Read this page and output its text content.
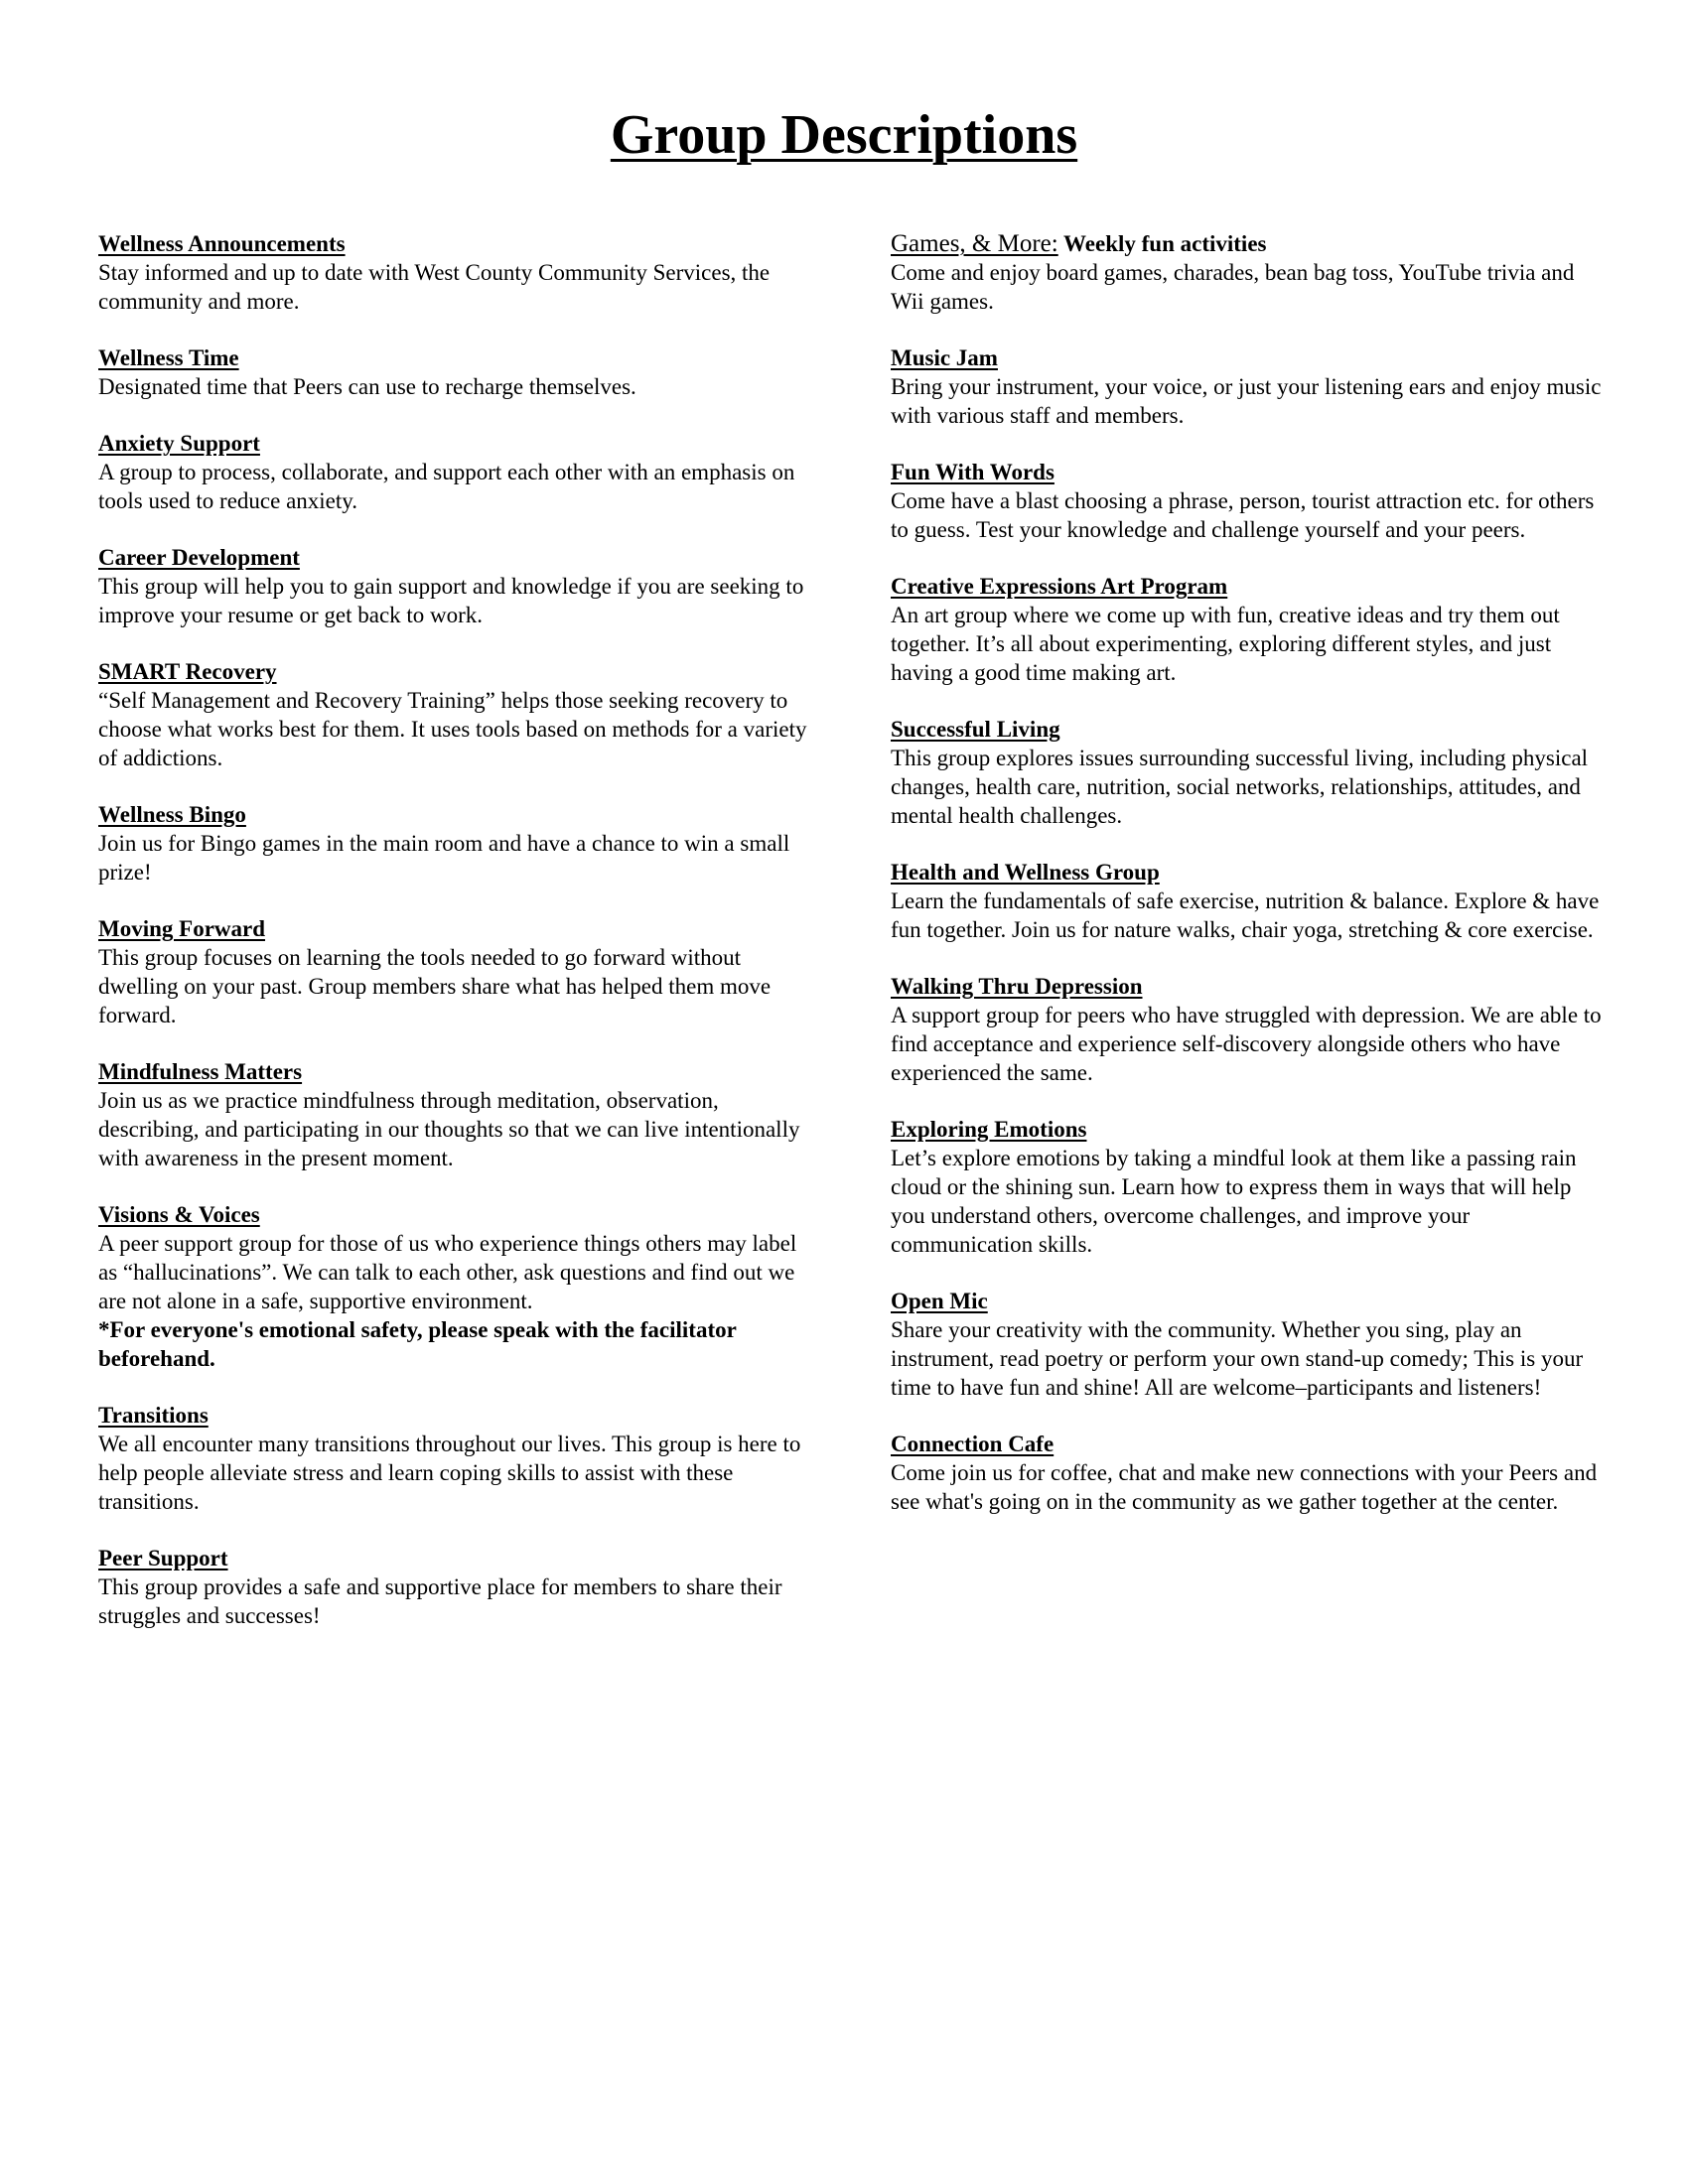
Group Descriptions
Wellness Announcements

Stay informed and up to date with West County Community Services, the community and more.

Wellness Time

Designated time that Peers can use to recharge themselves.

Anxiety Support

A group to process, collaborate, and support each other with an emphasis on tools used to reduce anxiety.

Career Development

This group will help you to gain support and knowledge if you are seeking to improve your resume or get back to work.

SMART Recovery

“Self Management and Recovery Training” helps those seeking recovery to choose what works best for them. It uses tools based on methods for a variety of addictions.

Wellness Bingo

Join us for Bingo games in the main room and have a chance to win a small prize!

Moving Forward

This group focuses on learning the tools needed to go forward without dwelling on your past. Group members share what has helped them move forward.

Mindfulness Matters

Join us as we practice mindfulness through meditation, observation, describing, and participating in our thoughts so that we can live intentionally with awareness in the present moment.

Visions & Voices

A peer support group for those of us who experience things others may label as “hallucinations”. We can talk to each other, ask questions and find out we are not alone in a safe, supportive environment.

*For everyone's emotional safety, please speak with the facilitator beforehand.

Transitions

We all encounter many transitions throughout our lives. This group is here to help people alleviate stress and learn coping skills to assist with these transitions.

Peer Support

This group provides a safe and supportive place for members to share their struggles and successes!

Games, & More: Weekly fun activities

Come and enjoy board games, charades, bean bag toss, YouTube trivia and Wii games.

Music Jam

Bring your instrument, your voice, or just your listening ears and enjoy music with various staff and members.

Fun With Words

Come have a blast choosing a phrase, person, tourist attraction etc. for others to guess. Test your knowledge and challenge yourself and your peers.

Creative Expressions Art Program

An art group where we come up with fun, creative ideas and try them out together. It’s all about experimenting, exploring different styles, and just having a good time making art.

Successful Living

This group explores issues surrounding successful living, including physical changes, health care, nutrition, social networks, relationships, attitudes, and mental health challenges.

Health and Wellness Group

Learn the fundamentals of safe exercise, nutrition & balance. Explore & have fun together. Join us for nature walks, chair yoga, stretching & core exercise.

Walking Thru Depression

A support group for peers who have struggled with depression. We are able to find acceptance and experience self-discovery alongside others who have experienced the same.

Exploring Emotions

Let’s explore emotions by taking a mindful look at them like a passing rain cloud or the shining sun. Learn how to express them in ways that will help you understand others, overcome challenges, and improve your communication skills.

Open Mic

Share your creativity with the community. Whether you sing, play an instrument, read poetry or perform your own stand-up comedy; This is your time to have fun and shine! All are welcome–participants and listeners!

Connection Cafe

Come join us for coffee, chat and make new connections with your Peers and see what's going on in the community as we gather together at the center.
